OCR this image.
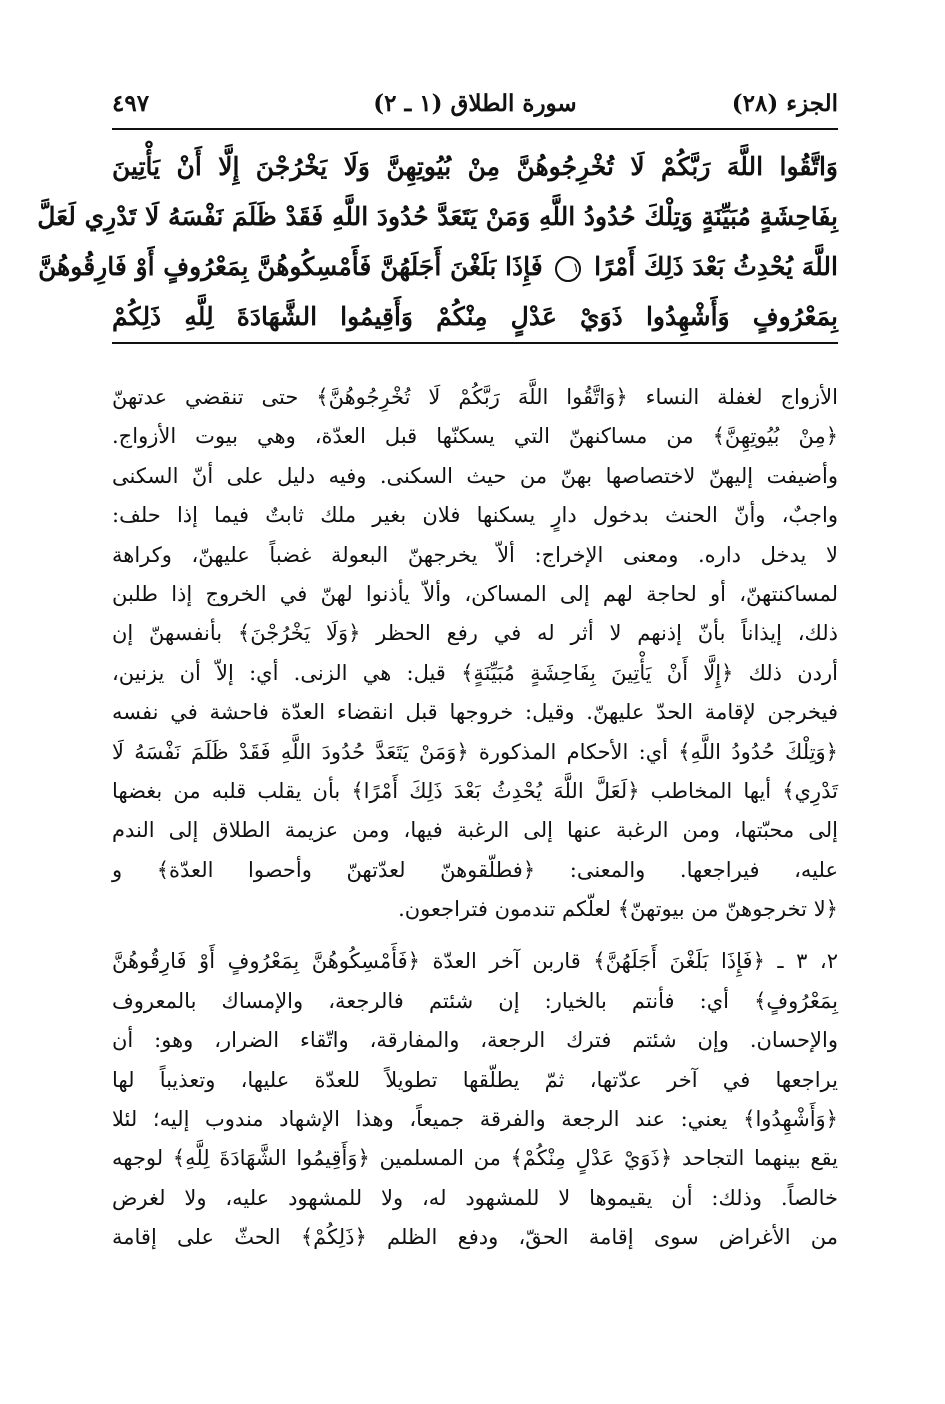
الجزء (٢٨)
سورة الطلاق (١ ـ ٢)
٤٩٧
وَاتَّقُوا اللَّهَ رَبَّكُمْ لَا تُخْرِجُوهُنَّ مِنْ بُيُوتِهِنَّ وَلَا يَخْرُجْنَ إِلَّا أَنْ يَأْتِينَ
بِفَاحِشَةٍ مُبَيِّنَةٍ وَتِلْكَ حُدُودُ اللَّهِ وَمَنْ يَتَعَدَّ حُدُودَ اللَّهِ فَقَدْ ظَلَمَ نَفْسَهُ لَا تَدْرِي لَعَلَّ
اللَّهَ يُحْدِثُ بَعْدَ ذَلِكَ أَمْرًا ١ فَإِذَا بَلَغْنَ أَجَلَهُنَّ فَأَمْسِكُوهُنَّ بِمَعْرُوفٍ أَوْ فَارِقُوهُنَّ
بِمَعْرُوفٍ وَأَشْهِدُوا ذَوَيْ عَدْلٍ مِنْكُمْ وَأَقِيمُوا الشَّهَادَةَ لِلَّهِ ذَلِكُمْ
الأزواج لغفلة النساء ﴿وَاتَّقُوا اللَّهَ رَبَّكُمْ لَا تُخْرِجُوهُنَّ﴾ حتى تنقضي عدتهنّ
﴿مِنْ بُيُوتِهِنَّ﴾ من مساكنهنّ التي يسكنّها قبل العدّة، وهي بيوت الأزواج.
وأضيفت إليهنّ لاختصاصها بهنّ من حيث السكنى. وفيه دليل على أنّ السكنى
واجبٌ، وأنّ الحنث بدخول دارٍ يسكنها فلان بغير ملك ثابتٌ فيما إذا حلف:
لا يدخل داره. ومعنى الإخراج: ألاّ يخرجهنّ البعولة غضباً عليهنّ، وكراهة
لمساكنتهنّ، أو لحاجة لهم إلى المساكن، وألاّ يأذنوا لهنّ في الخروج إذا طلبن
ذلك، إيذاناً بأنّ إذنهم لا أثر له في رفع الحظر ﴿وَلَا يَخْرُجْنَ﴾ بأنفسهنّ إن
أردن ذلك ﴿إِلَّا أَنْ يَأْتِينَ بِفَاحِشَةٍ مُبَيِّنَةٍ﴾ قيل: هي الزنى. أي: إلاّ أن يزنين،
فيخرجن لإقامة الحدّ عليهنّ. وقيل: خروجها قبل انقضاء العدّة فاحشة في نفسه
﴿وَتِلْكَ حُدُودُ اللَّهِ﴾ أي: الأحكام المذكورة ﴿وَمَنْ يَتَعَدَّ حُدُودَ اللَّهِ فَقَدْ ظَلَمَ نَفْسَهُ لَا
تَدْرِي﴾ أيها المخاطب ﴿لَعَلَّ اللَّهَ يُحْدِثُ بَعْدَ ذَلِكَ أَمْرًا﴾ بأن يقلب قلبه من بغضها
إلى محبّتها، ومن الرغبة عنها إلى الرغبة فيها، ومن عزيمة الطلاق إلى الندم
عليه، فيراجعها. والمعنى: ﴿فطلّقوهنّ لعدّتهنّ وأحصوا العدّة﴾ و
﴿لا تخرجوهنّ من بيوتهنّ﴾ لعلّكم تندمون فتراجعون.
٢، ٣ ـ ﴿فَإِذَا بَلَغْنَ أَجَلَهُنَّ﴾ قاربن آخر العدّة ﴿فَأَمْسِكُوهُنَّ بِمَعْرُوفٍ أَوْ فَارِقُوهُنَّ
بِمَعْرُوفٍ﴾ أي: فأنتم بالخيار: إن شئتم فالرجعة، والإمساك بالمعروف
والإحسان. وإن شئتم فترك الرجعة، والمفارقة، واتّقاء الضرار، وهو: أن
يراجعها في آخر عدّتها، ثمّ يطلّقها تطويلاً للعدّة عليها، وتعذيباً لها
﴿وَأَشْهِدُوا﴾ يعني: عند الرجعة والفرقة جميعاً، وهذا الإشهاد مندوب إليه؛ لئلا
يقع بينهما التجاحد ﴿ذَوَيْ عَدْلٍ مِنْكُمْ﴾ من المسلمين ﴿وَأَقِيمُوا الشَّهَادَةَ لِلَّهِ﴾ لوجهه
خالصاً. وذلك: أن يقيموها لا للمشهود له، ولا للمشهود عليه، ولا لغرض
من الأغراض سوى إقامة الحقّ، ودفع الظلم ﴿ذَلِكُمْ﴾ الحثّ على إقامة
